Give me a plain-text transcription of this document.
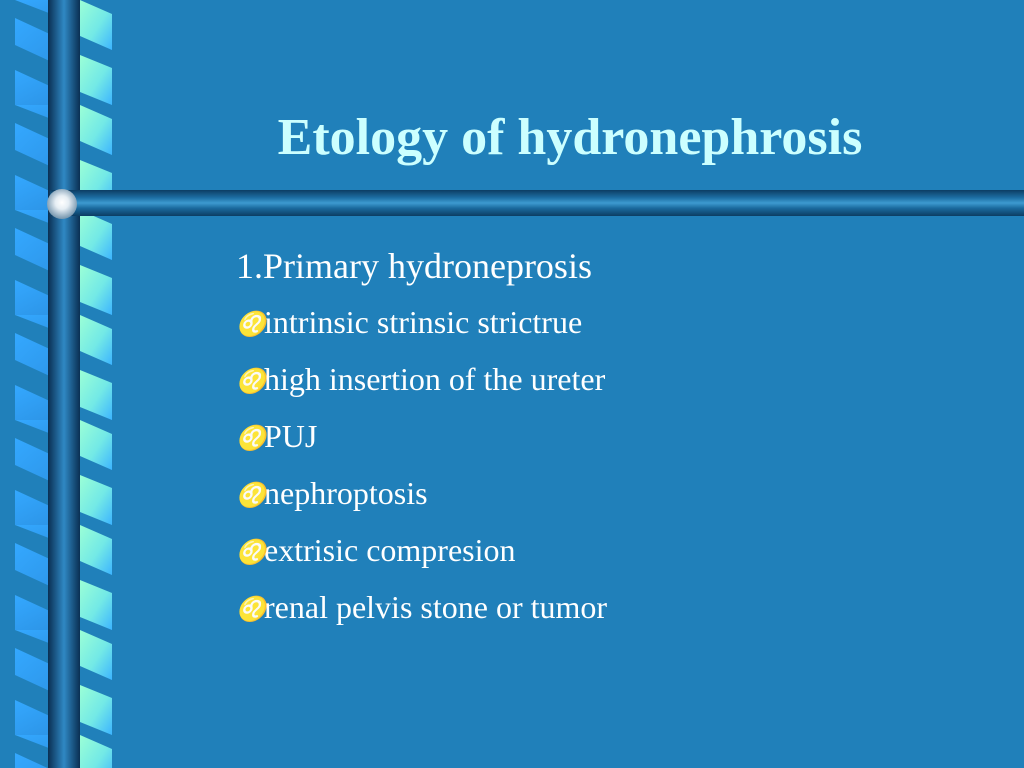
Etology of hydronephrosis

1.Primary hydroneprosis

♌
intrinsic strinsic strictrue
♌
high insertion of the ureter
♌
PUJ
♌
nephroptosis
♌
extrisic compresion
♌
renal pelvis stone or tumor
